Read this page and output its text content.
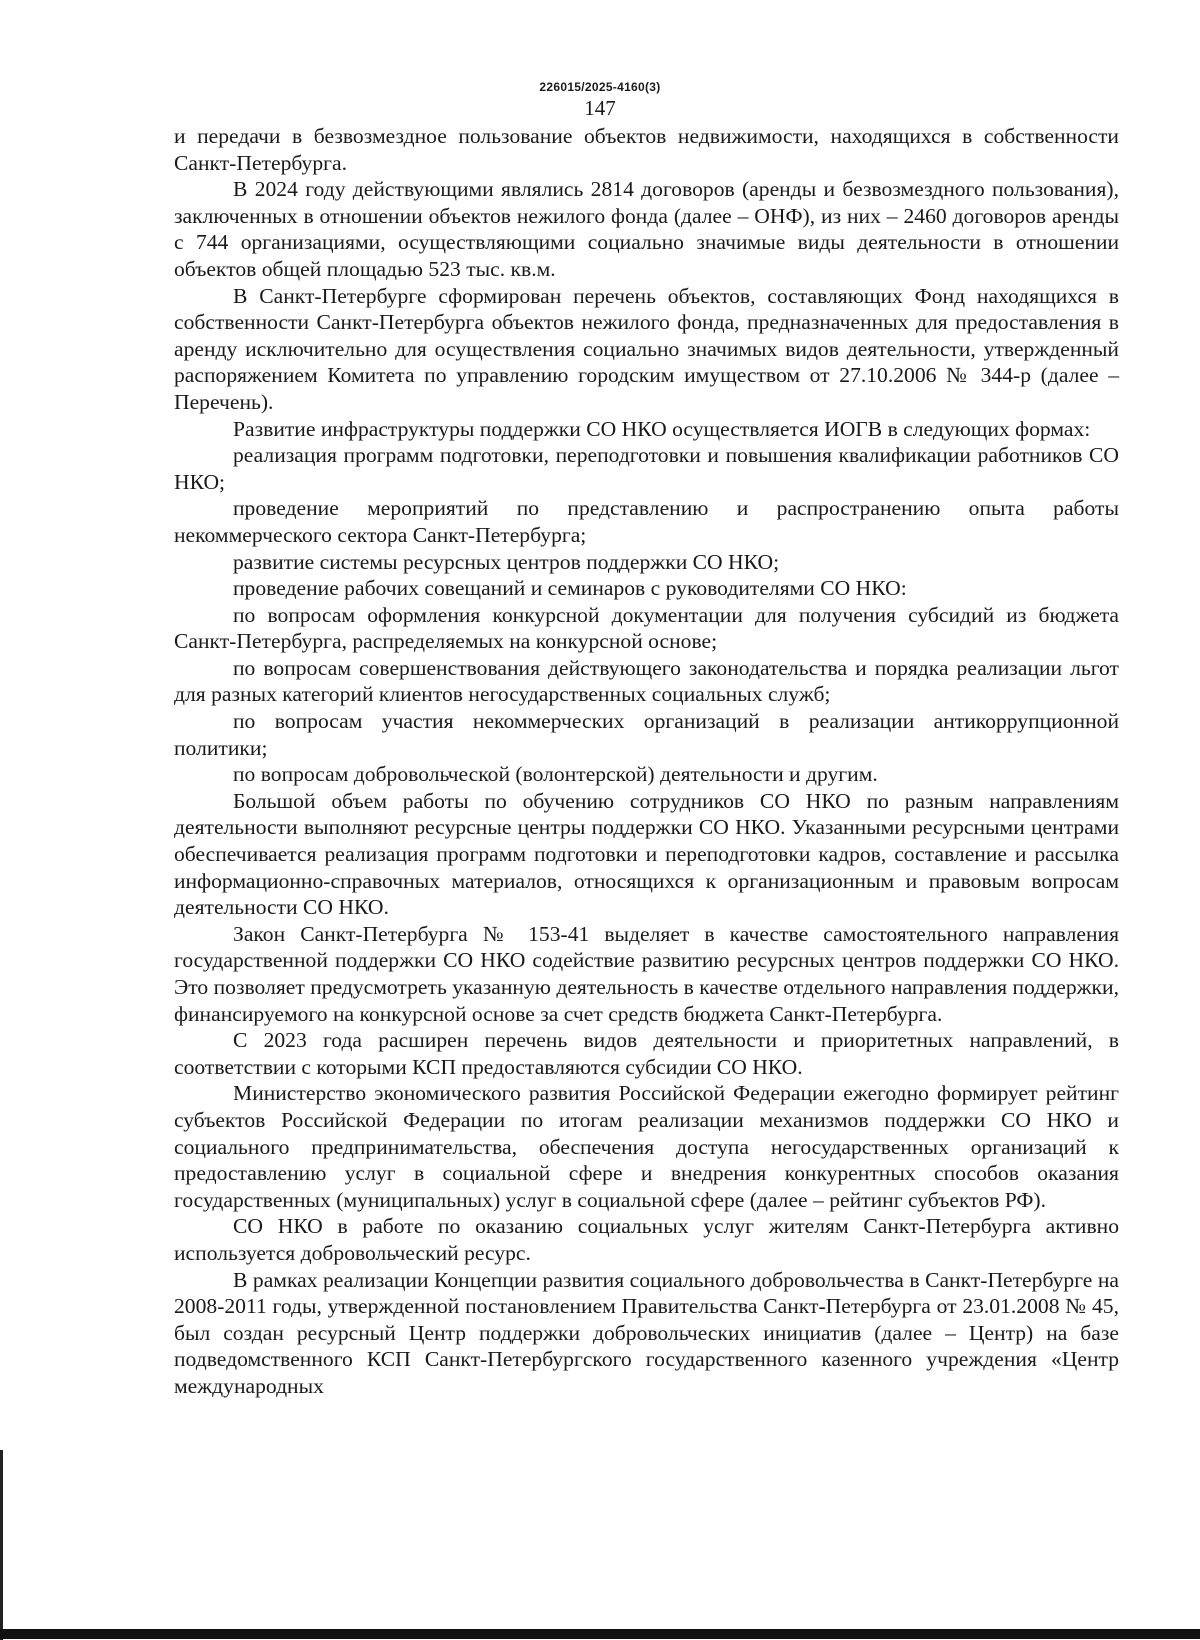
226015/2025-4160(3)
147

и передачи в безвозмездное пользование объектов недвижимости, находящихся в собственности Санкт-Петербурга.

В 2024 году действующими являлись 2814 договоров (аренды и безвозмездного пользования), заключенных в отношении объектов нежилого фонда (далее – ОНФ), из них – 2460 договоров аренды с 744 организациями, осуществляющими социально значимые виды деятельности в отношении объектов общей площадью 523 тыс. кв.м.

В Санкт-Петербурге сформирован перечень объектов, составляющих Фонд находящихся в собственности Санкт-Петербурга объектов нежилого фонда, предназначенных для предоставления в аренду исключительно для осуществления социально значимых видов деятельности, утвержденный распоряжением Комитета по управлению городским имуществом от 27.10.2006 № 344-р (далее – Перечень).

Развитие инфраструктуры поддержки СО НКО осуществляется ИОГВ в следующих формах:

реализация программ подготовки, переподготовки и повышения квалификации работников СО НКО;

проведение мероприятий по представлению и распространению опыта работы некоммерческого сектора Санкт-Петербурга;

развитие системы ресурсных центров поддержки СО НКО;

проведение рабочих совещаний и семинаров с руководителями СО НКО:

по вопросам оформления конкурсной документации для получения субсидий из бюджета Санкт-Петербурга, распределяемых на конкурсной основе;

по вопросам совершенствования действующего законодательства и порядка реализации льгот для разных категорий клиентов негосударственных социальных служб;

по вопросам участия некоммерческих организаций в реализации антикоррупционной политики;

по вопросам добровольческой (волонтерской) деятельности и другим.

Большой объем работы по обучению сотрудников СО НКО по разным направлениям деятельности выполняют ресурсные центры поддержки СО НКО. Указанными ресурсными центрами обеспечивается реализация программ подготовки и переподготовки кадров, составление и рассылка информационно-справочных материалов, относящихся к организационным и правовым вопросам деятельности СО НКО.

Закон Санкт-Петербурга № 153-41 выделяет в качестве самостоятельного направления государственной поддержки СО НКО содействие развитию ресурсных центров поддержки СО НКО. Это позволяет предусмотреть указанную деятельность в качестве отдельного направления поддержки, финансируемого на конкурсной основе за счет средств бюджета Санкт-Петербурга.

С 2023 года расширен перечень видов деятельности и приоритетных направлений, в соответствии с которыми КСП предоставляются субсидии СО НКО.

Министерство экономического развития Российской Федерации ежегодно формирует рейтинг субъектов Российской Федерации по итогам реализации механизмов поддержки СО НКО и социального предпринимательства, обеспечения доступа негосударственных организаций к предоставлению услуг в социальной сфере и внедрения конкурентных способов оказания государственных (муниципальных) услуг в социальной сфере (далее – рейтинг субъектов РФ).

СО НКО в работе по оказанию социальных услуг жителям Санкт-Петербурга активно используется добровольческий ресурс.

В рамках реализации Концепции развития социального добровольчества в Санкт-Петербурге на 2008-2011 годы, утвержденной постановлением Правительства Санкт-Петербурга от 23.01.2008 № 45, был создан ресурсный Центр поддержки добровольческих инициатив (далее – Центр) на базе подведомственного КСП Санкт-Петербургского государственного казенного учреждения «Центр международных
